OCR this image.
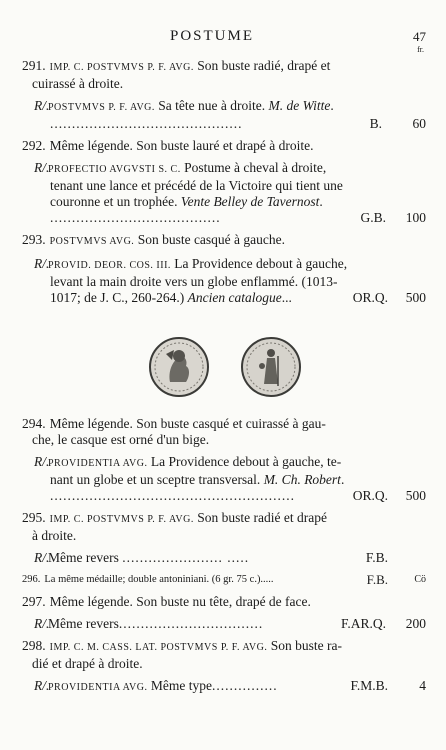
POSTUME	47
fr.
291. IMP. C. POSTVMVS P. F. AVG. Son buste radié, drapé et
cuirassé à droite.
R/.POSTVMVS P. F. AVG. Sa tête nue à droite. M. de Witte.
............................................	B. 60
292. Même légende. Son buste lauré et drapé à droite.
R/.PROFECTIO AVGVSTI S. C. Postume à cheval à droite,
tenant une lance et précédé de la Victoire qui tient une
couronne et un trophée. Vente Belley de Tavernost.
.......................................	G.B. 100
293. POSTVMVS AVG. Son buste casqué à gauche.
R/.PROVID. DEOR. COS. III. La Providence debout à gauche,
levant la main droite vers un globe enflammé. (1013-
1017; de J. C., 260-264.) Ancien catalogue...	OR.Q. 500
294. Même légende. Son buste casqué et cuirassé à gau-
che, le casque est orné d'un bige.
R/.PROVIDENTIA AVG. La Providence debout à gauche, te-
nant un globe et un sceptre transversal. M. Ch. Robert.
........................................................	OR.Q. 500
295. IMP. C. POSTVMVS P. F. AVG. Son buste radié et drapé
à droite.
R/.Même revers ....................... .....	F.B.
296. La même médaille; double antoniniani. (6 gr. 75 c.).....	F.B.	Cö
297. Même légende. Son buste nu tête, drapé de face.
R/.Même revers.................................	F.AR.Q. 200
298. IMP. C. M. CASS. LAT. POSTVMVS P. F. AVG. Son buste ra-
dié et drapé à droite.
R/.PROVIDENTIA AVG. Même type...............	F.M.B. 4
